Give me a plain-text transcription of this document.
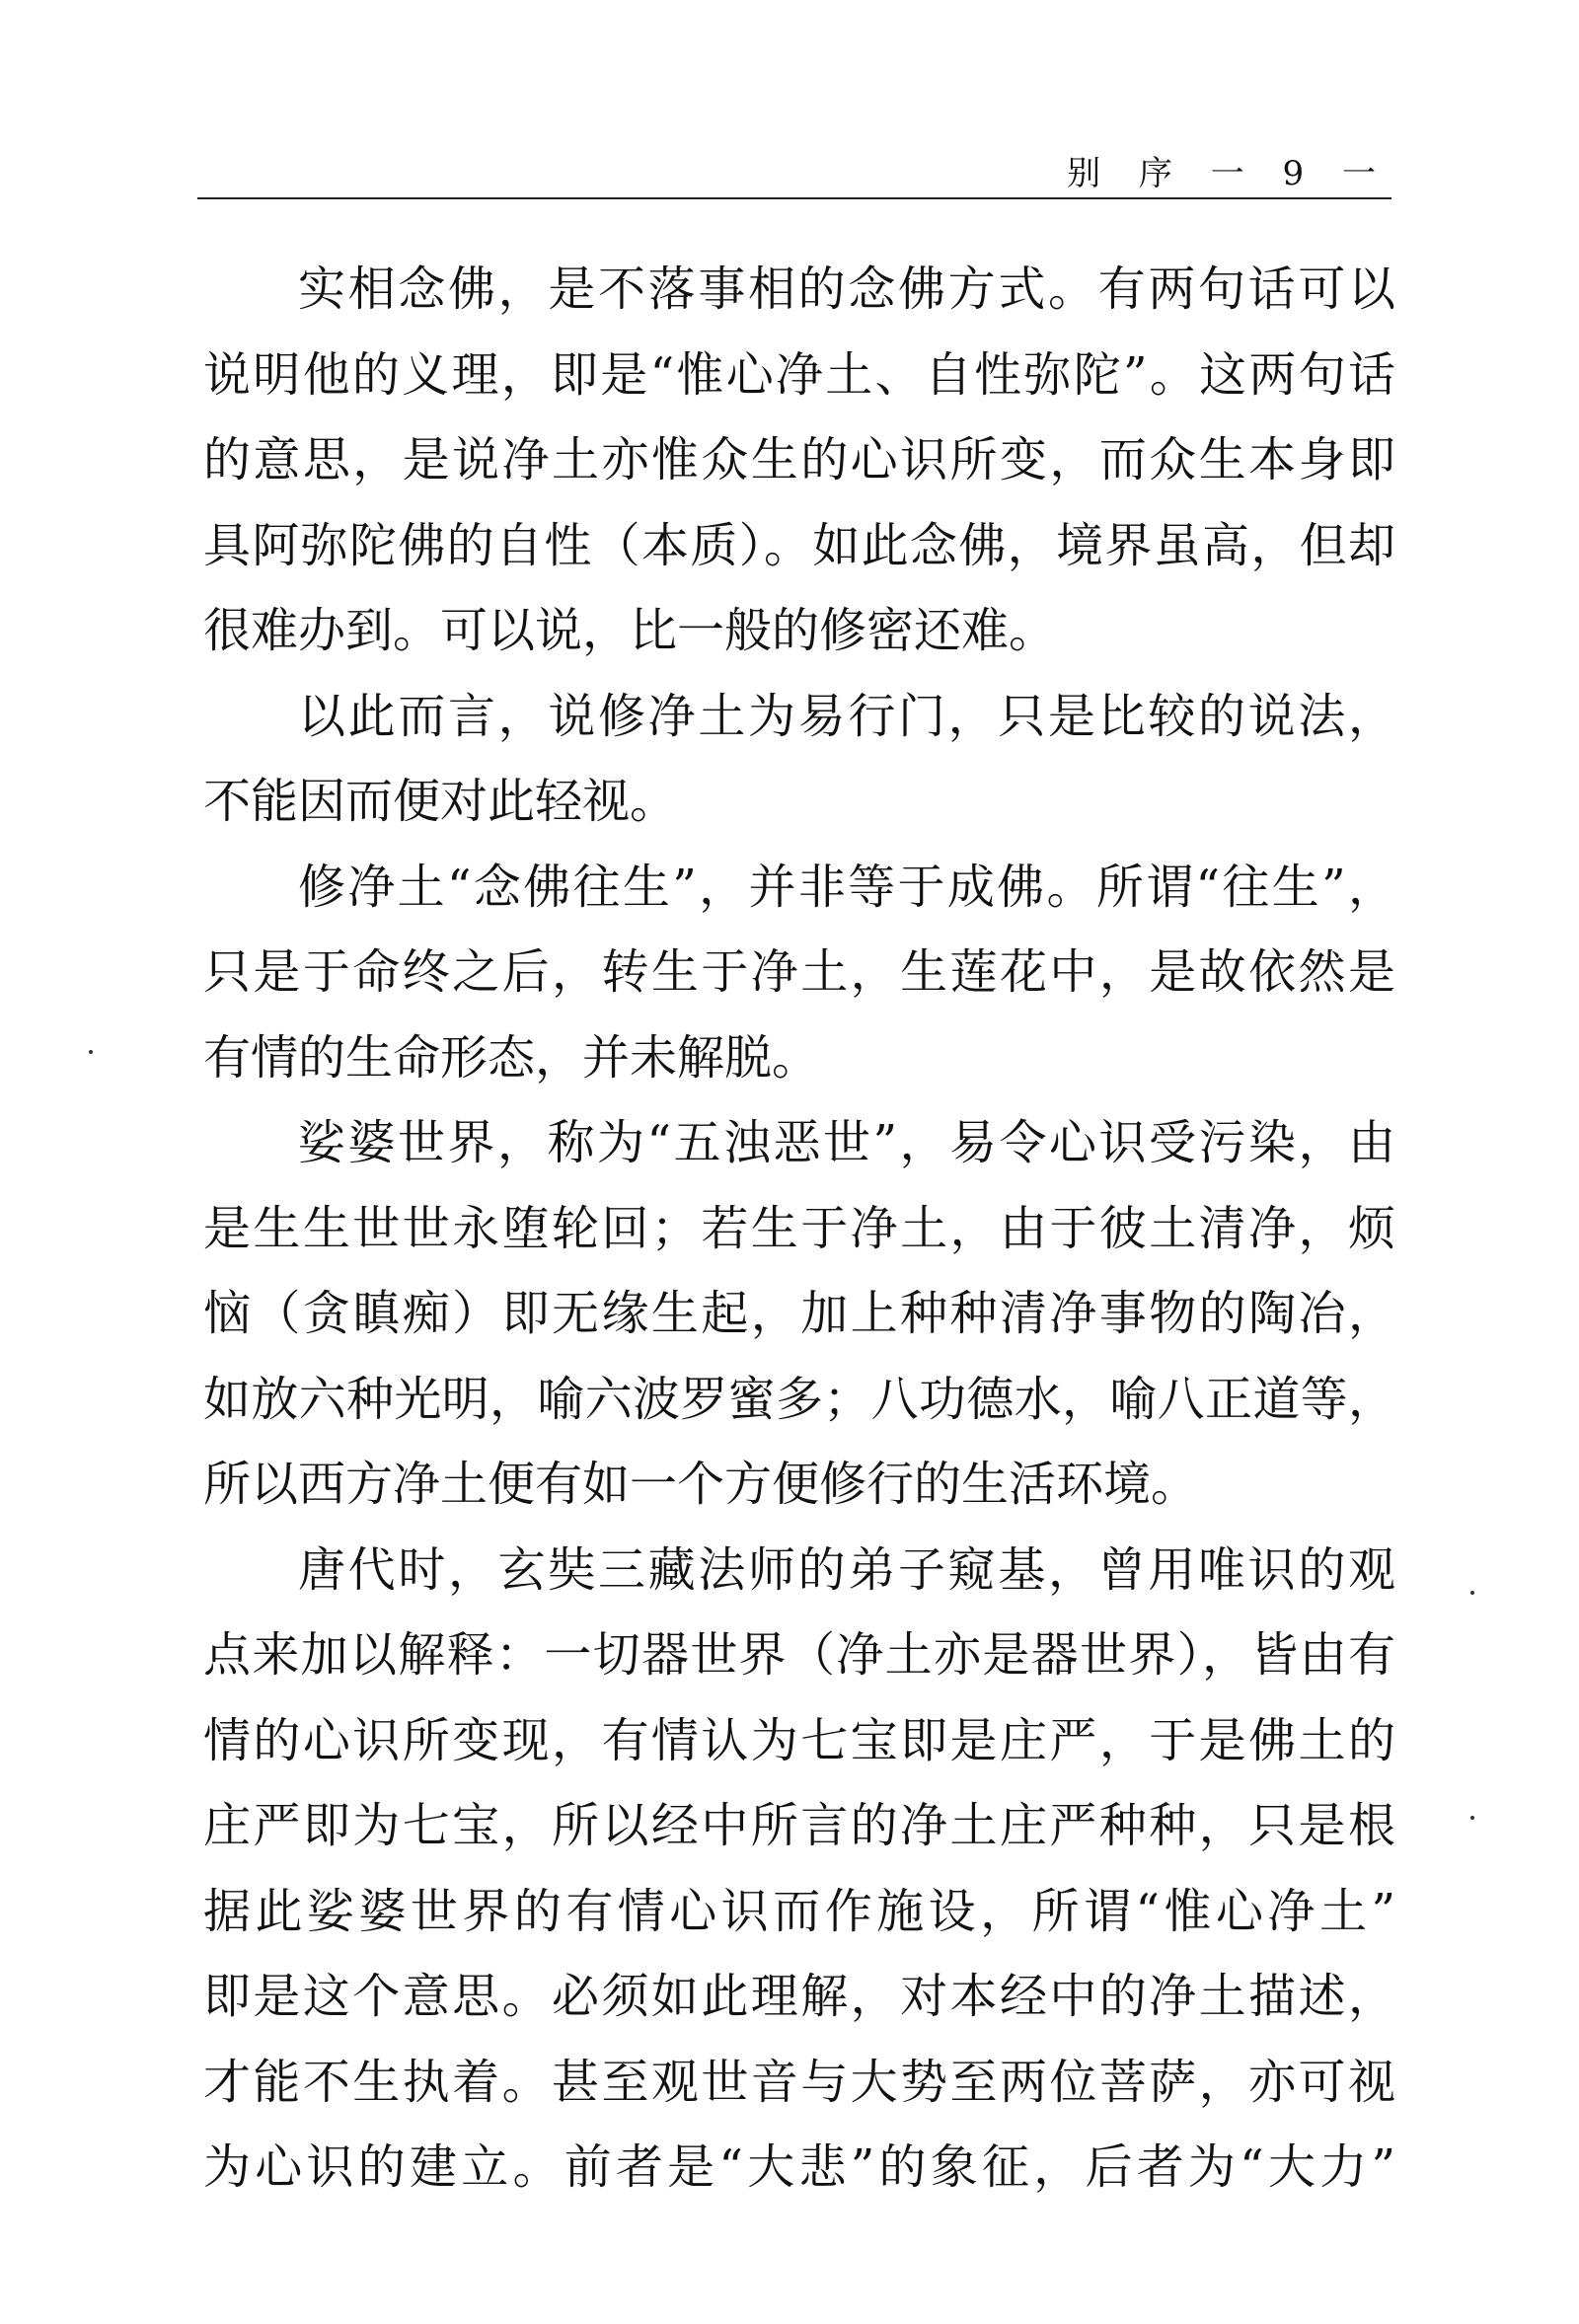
别 序 一 9 一
实相念佛，是不落事相的念佛方式。有两句话可以
说明他的义理，即是“惟心净土、自性弥陀”。这两句话
的意思，是说净土亦惟众生的心识所变，而众生本身即
具阿弥陀佛的自性（本质）。如此念佛，境界虽高，但却
很难办到。可以说，比一般的修密还难。
以此而言，说修净土为易行门，只是比较的说法，
不能因而便对此轻视。
修净土“念佛往生”，并非等于成佛。所谓“往生”，
只是于命终之后，转生于净土，生莲花中，是故依然是
有情的生命形态，并未解脱。
娑婆世界，称为“五浊恶世”，易令心识受污染，由
是生生世世永堕轮回；若生于净土，由于彼土清净，烦
恼（贪瞋痴）即无缘生起，加上种种清净事物的陶冶，
如放六种光明，喻六波罗蜜多；八功德水，喻八正道等，
所以西方净土便有如一个方便修行的生活环境。
唐代时，玄奘三藏法师的弟子窥基，曾用唯识的观
点来加以解释：一切器世界（净土亦是器世界），皆由有
情的心识所变现，有情认为七宝即是庄严，于是佛土的
庄严即为七宝，所以经中所言的净土庄严种种，只是根
据此娑婆世界的有情心识而作施设，所谓“惟心净土”
即是这个意思。必须如此理解，对本经中的净土描述，
才能不生执着。甚至观世音与大势至两位菩萨，亦可视
为心识的建立。前者是“大悲”的象征，后者为“大力”
